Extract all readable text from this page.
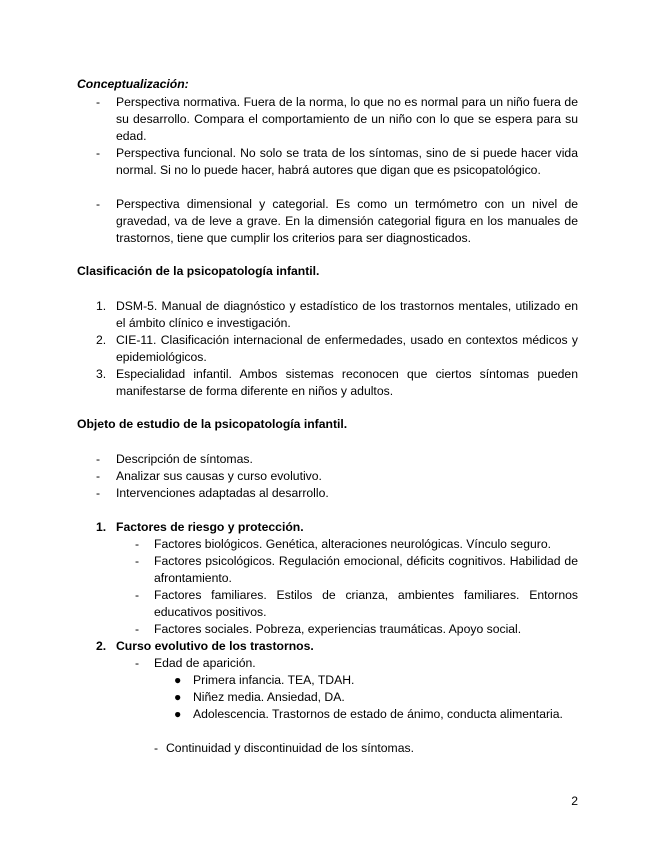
Conceptualización:
- Perspectiva normativa. Fuera de la norma, lo que no es normal para un niño fuera de su desarrollo. Compara el comportamiento de un niño con lo que se espera para su edad.
- Perspectiva funcional. No solo se trata de los síntomas, sino de si puede hacer vida normal. Si no lo puede hacer, habrá autores que digan que es psicopatológico.
- Perspectiva dimensional y categorial. Es como un termómetro con un nivel de gravedad, va de leve a grave. En la dimensión categorial figura en los manuales de trastornos, tiene que cumplir los criterios para ser diagnosticados.
Clasificación de la psicopatología infantil.
1. DSM-5. Manual de diagnóstico y estadístico de los trastornos mentales, utilizado en el ámbito clínico e investigación.
2. CIE-11. Clasificación internacional de enfermedades, usado en contextos médicos y epidemiológicos.
3. Especialidad infantil. Ambos sistemas reconocen que ciertos síntomas pueden manifestarse de forma diferente en niños y adultos.
Objeto de estudio de la psicopatología infantil.
- Descripción de síntomas.
- Analizar sus causas y curso evolutivo.
- Intervenciones adaptadas al desarrollo.
1. Factores de riesgo y protección.
- Factores biológicos. Genética, alteraciones neurológicas. Vínculo seguro.
- Factores psicológicos. Regulación emocional, déficits cognitivos. Habilidad de afrontamiento.
- Factores familiares. Estilos de crianza, ambientes familiares. Entornos educativos positivos.
- Factores sociales. Pobreza, experiencias traumáticas. Apoyo social.
2. Curso evolutivo de los trastornos.
- Edad de aparición.
● Primera infancia. TEA, TDAH.
● Niñez media. Ansiedad, DA.
● Adolescencia. Trastornos de estado de ánimo, conducta alimentaria.
- Continuidad y discontinuidad de los síntomas.
2
